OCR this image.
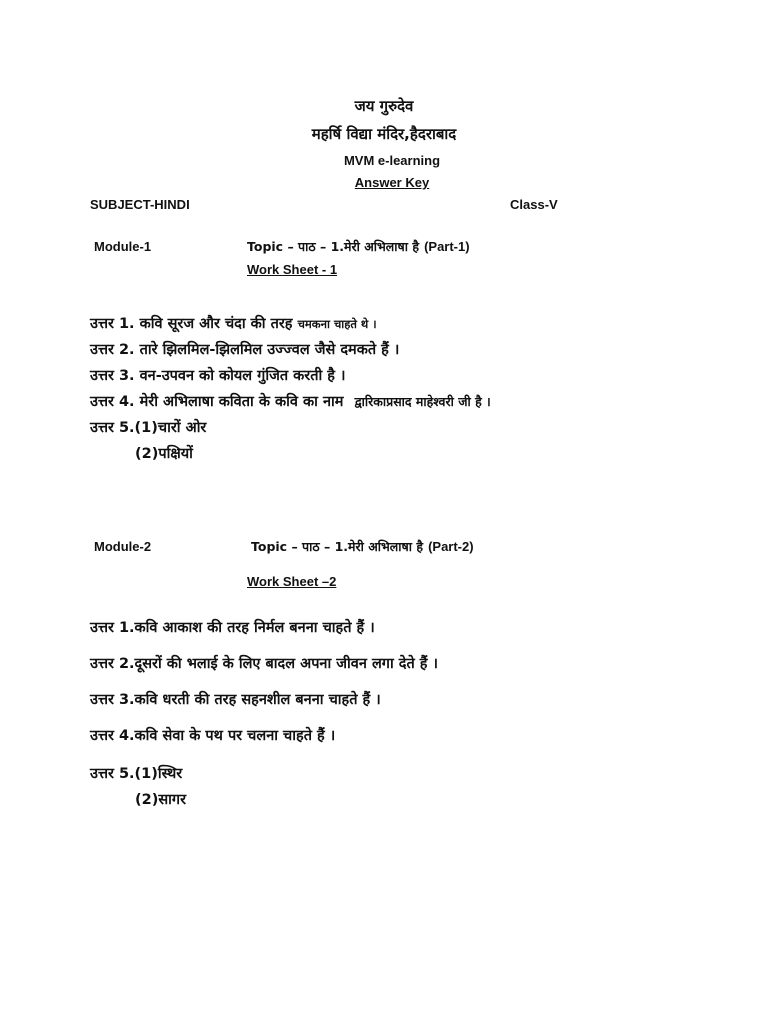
जय गुरुदेव
महर्षि विद्या मंदिर,हैदराबाद
MVM e-learning
Answer Key
SUBJECT-HINDI	Class-V
Module-1	Topic – पाठ – 1.मेरी अभिलाषा है (Part-1)
Work Sheet - 1
उत्तर 1. कवि सूरज और चंदा की तरह चमकना चाहते थे ।
उत्तर 2. तारे झिलमिल-झिलमिल उज्ज्वल जैसे दमकते हैं ।
उत्तर 3. वन-उपवन को कोयल गुंजित करती है ।
उत्तर 4. मेरी अभिलाषा कविता के कवि का नाम द्वारिकाप्रसाद माहेश्वरी जी है ।
उत्तर 5.(1)चारों ओर
(2)पक्षियों
Module-2	Topic – पाठ – 1.मेरी अभिलाषा है (Part-2)
Work Sheet –2
उत्तर 1.कवि आकाश की तरह निर्मल बनना चाहते हैं ।
उत्तर 2.दूसरों की भलाई के लिए बादल अपना जीवन लगा देते हैं ।
उत्तर 3.कवि धरती की तरह सहनशील बनना चाहते हैं ।
उत्तर 4.कवि सेवा के पथ पर चलना चाहते हैं ।
उत्तर 5.(1)स्थिर
(2)सागर
